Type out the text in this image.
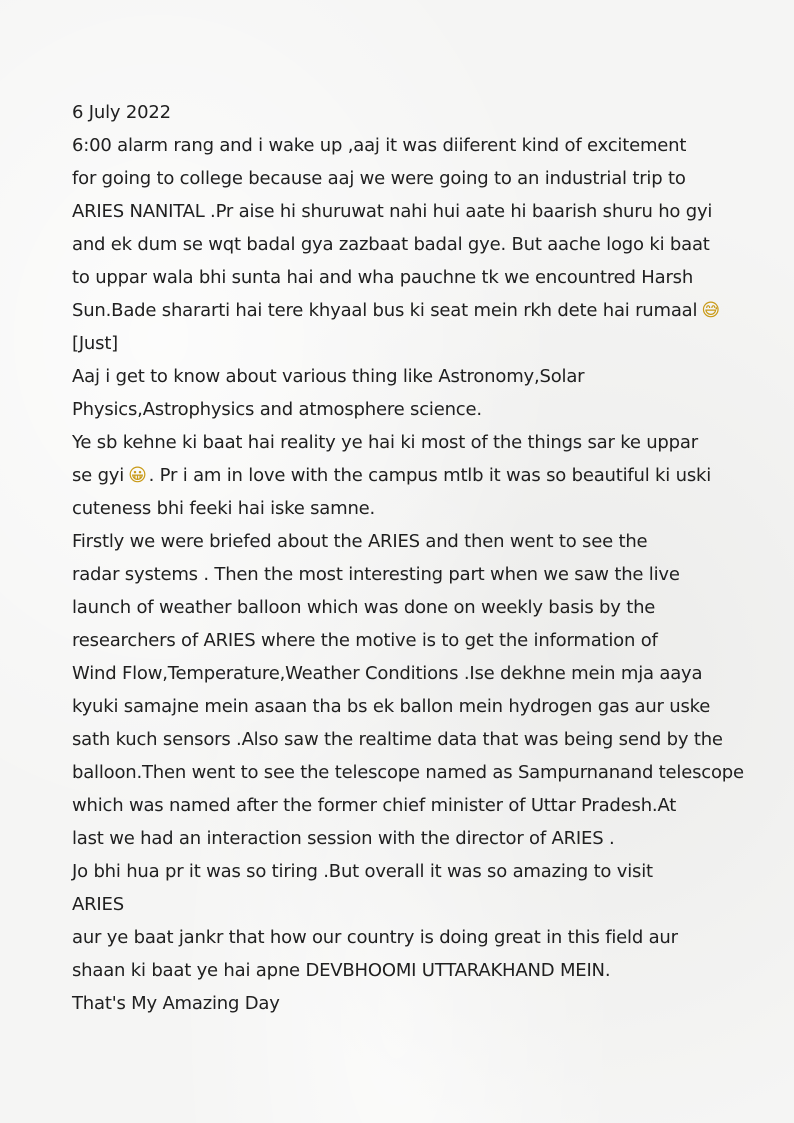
6 July 2022
6:00 alarm rang and i wake up ,aaj it was diiferent kind of excitement
for going to college because aaj we were going to an industrial trip to
ARIES NANITAL .Pr aise hi shuruwat nahi hui aate hi baarish shuru ho gyi
and ek dum se wqt badal gya zazbaat badal gye. But aache logo ki baat
to uppar wala bhi sunta hai and wha pauchne tk we encountred Harsh
Sun.Bade shararti hai tere khyaal bus ki seat mein rkh dete hai rumaal 😅
[Just]
Aaj i get to know about various thing like Astronomy,Solar
Physics,Astrophysics and atmosphere science.
Ye sb kehne ki baat hai reality ye hai ki most of the things sar ke uppar
se gyi 😀 . Pr i am in love with the campus mtlb it was so beautiful ki uski
cuteness bhi feeki hai iske samne.
Firstly we were briefed about the ARIES and then went to see the
radar systems . Then the most interesting part when we saw the live
launch of weather balloon which was done on weekly basis by the
researchers of ARIES where the motive is to get the information of
Wind Flow,Temperature,Weather Conditions .Ise dekhne mein mja aaya
kyuki samajne mein asaan tha bs ek ballon mein hydrogen gas aur uske
sath kuch sensors .Also saw the realtime data that was being send by the
balloon.Then went to see the telescope named as Sampurnanand telescope
which was named after the former chief minister of Uttar Pradesh.At
last we had an interaction session with the director of ARIES .
Jo bhi hua pr it was so tiring .But overall it was so amazing to visit
ARIES
aur ye baat jankr that how our country is doing great in this field aur
shaan ki baat ye hai apne DEVBHOOMI UTTARAKHAND MEIN.
That's My Amazing Day
